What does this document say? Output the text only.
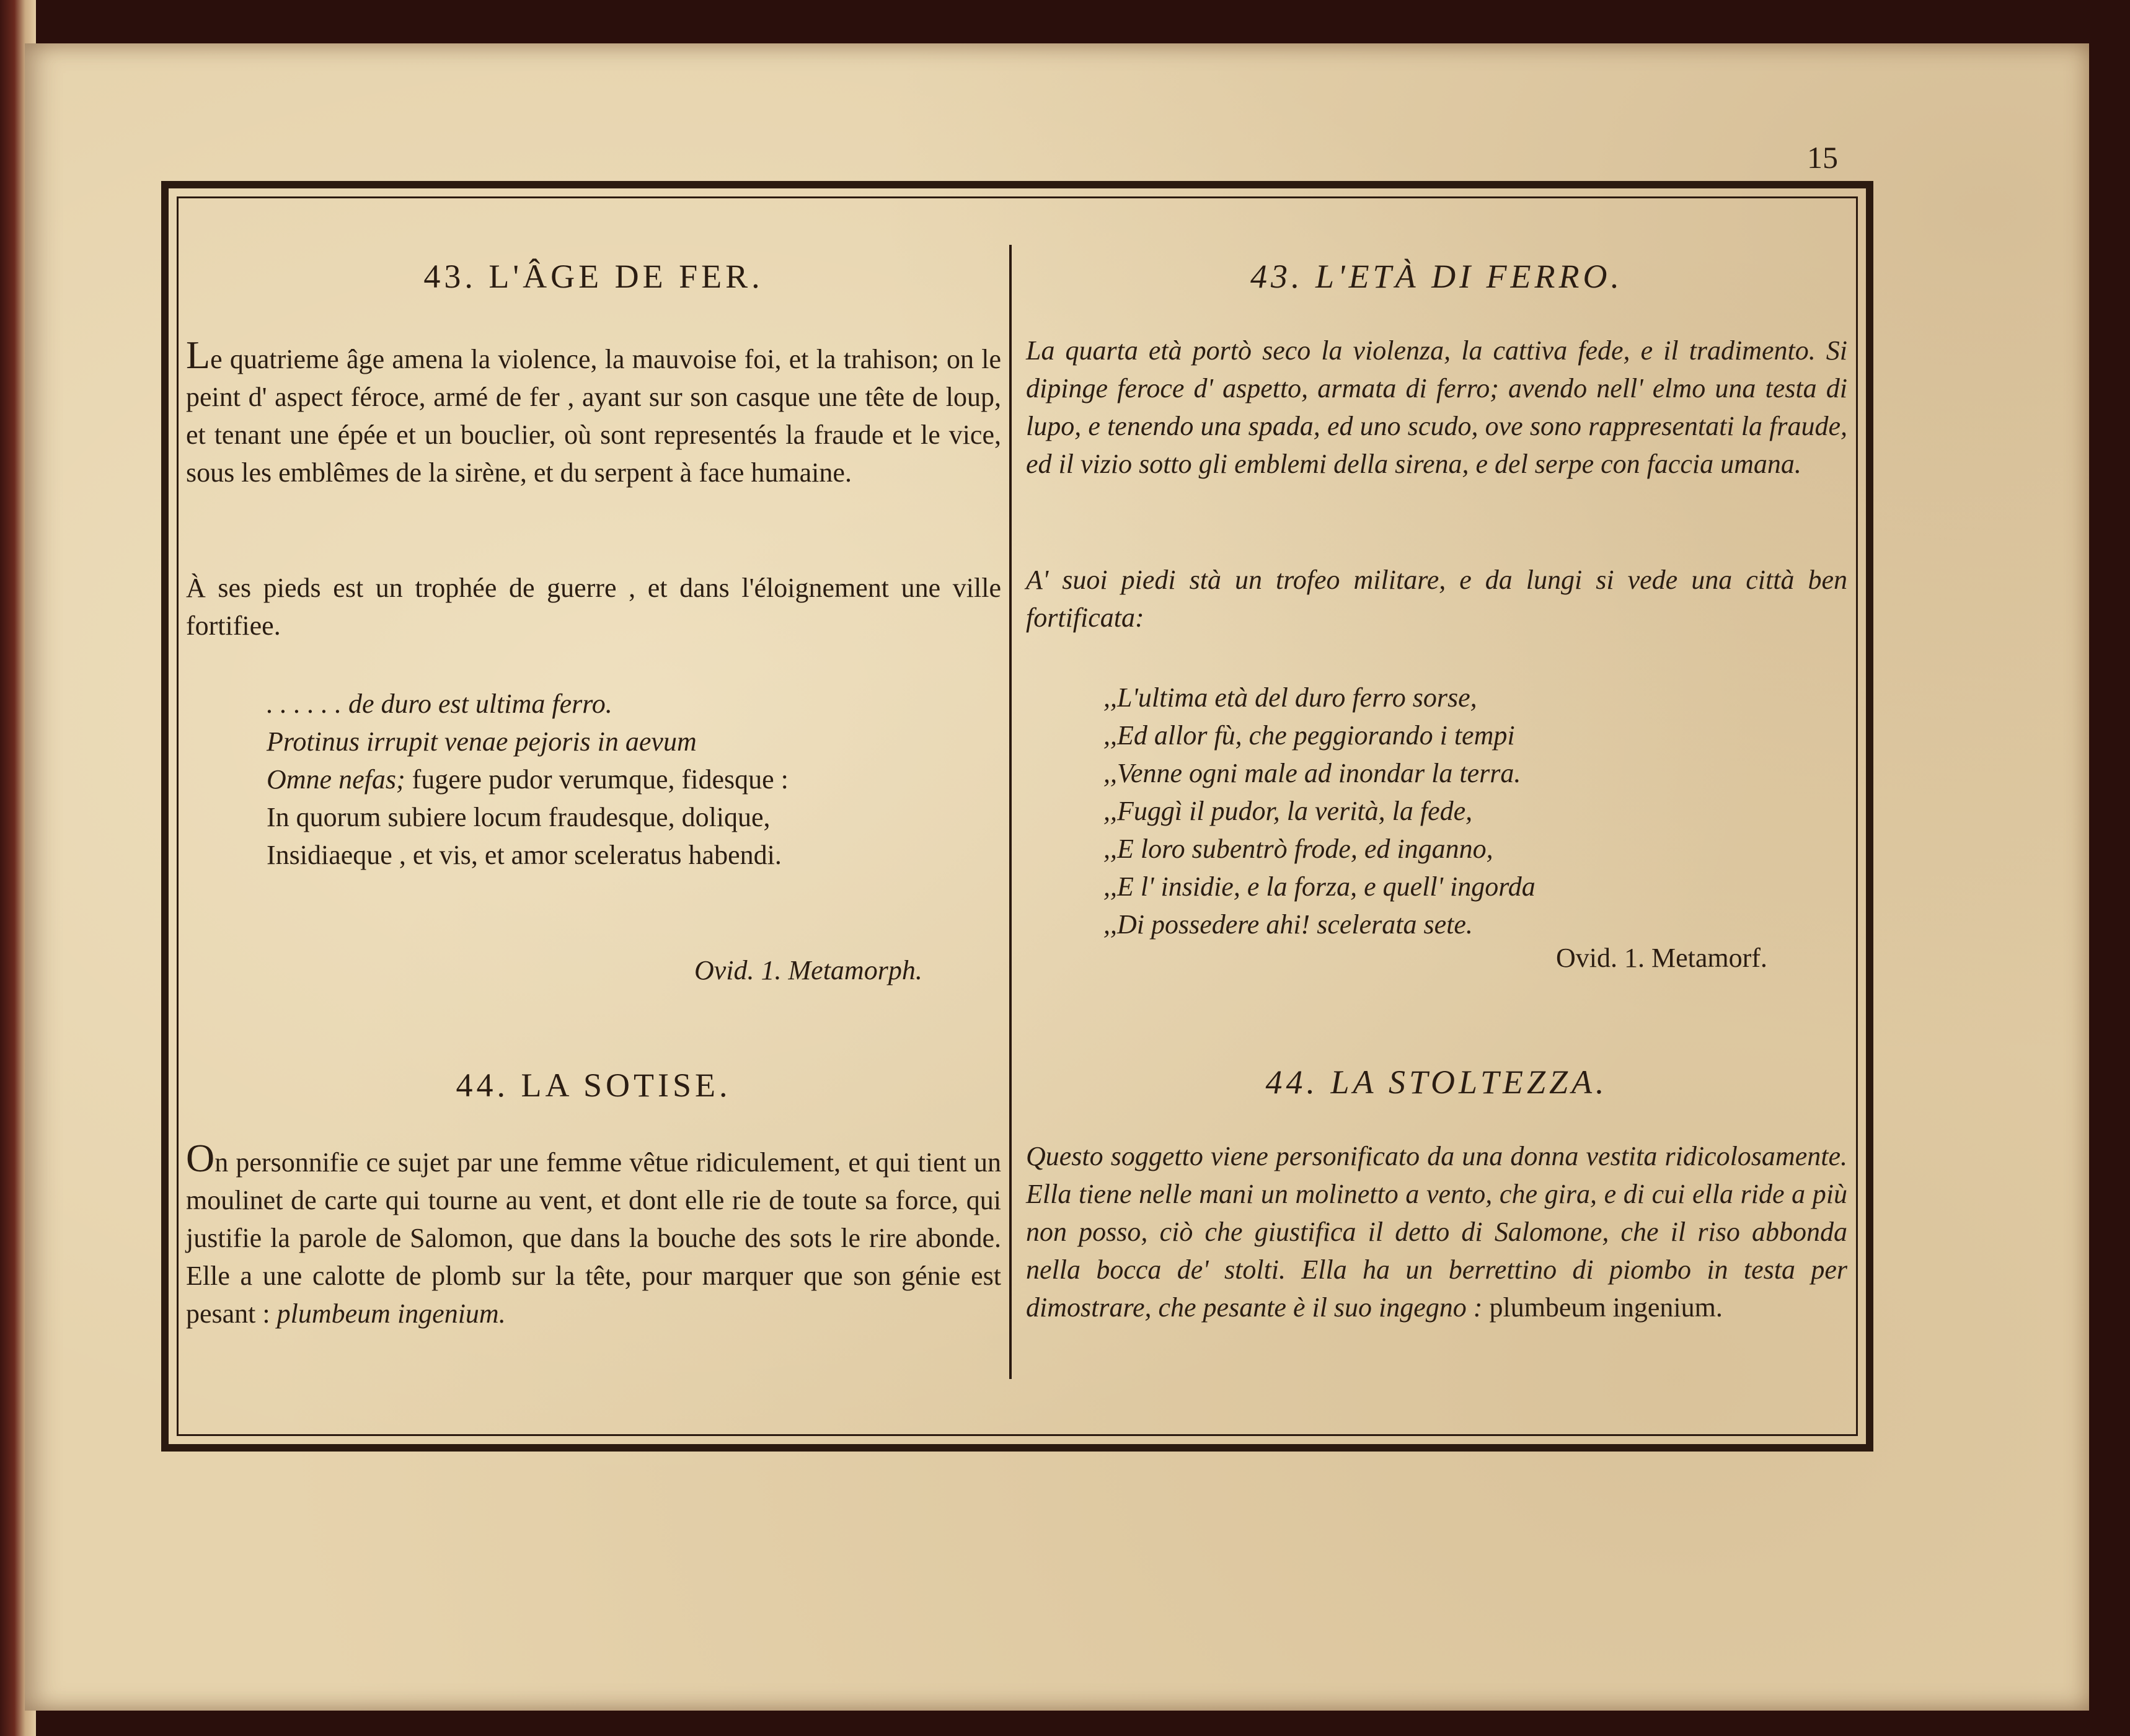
15
43. L'ÂGE DE FER.
Le quatrieme âge amena la violence, la mauvoise foi, et la trahison; on le peint d' aspect féroce, armé de fer , ayant sur son casque une tête de loup, et tenant une épée et un bouclier, où sont representés la fraude et le vice, sous les emblêmes de la sirène, et du serpent à face humaine.
À ses pieds est un trophée de guerre , et dans l'éloignement une ville fortifiee.
. . . . . . de duro est ultima ferro.
Protinus irrupit venae pejoris in aevum
Omne nefas; fugere pudor verumque, fidesque :
In quorum subiere locum fraudesque, dolique,
Insidiaeque , et vis, et amor sceleratus habendi.
Ovid. 1. Metamorph.
44. LA SOTISE.
On personnifie ce sujet par une femme vêtue ridiculement, et qui tient un moulinet de carte qui tourne au vent, et dont elle rie de toute sa force, qui justifie la parole de Salomon, que dans la bouche des sots le rire abonde. Elle a une calotte de plomb sur la tête, pour marquer que son génie est pesant : plumbeum ingenium.
43. L'ETÀ DI FERRO.
La quarta età portò seco la violenza, la cattiva fede, e il tradimento. Si dipinge feroce d' aspetto, armata di ferro; avendo nell' elmo una testa di lupo, e tenendo una spada, ed uno scudo, ove sono rappresentati la fraude, ed il vizio sotto gli emblemi della sirena, e del serpe con faccia umana.
A' suoi piedi stà un trofeo militare, e da lungi si vede una città ben fortificata:
,,L'ultima età del duro ferro sorse,
,,Ed allor fù, che peggiorando i tempi
,,Venne ogni male ad inondar la terra.
,,Fuggì il pudor, la verità, la fede,
,,E loro subentrò frode, ed inganno,
,,E l' insidie, e la forza, e quell' ingorda
,,Di possedere ahi! scelerata sete.
Ovid. 1. Metamorf.
44. LA STOLTEZZA.
Questo soggetto viene personificato da una donna vestita ridicolosamente. Ella tiene nelle mani un molinetto a vento, che gira, e di cui ella ride a più non posso, ciò che giustifica il detto di Salomone, che il riso abbonda nella bocca de' stolti. Ella ha un berrettino di piombo in testa per dimostrare, che pesante è il suo ingegno : plumbeum ingenium.
